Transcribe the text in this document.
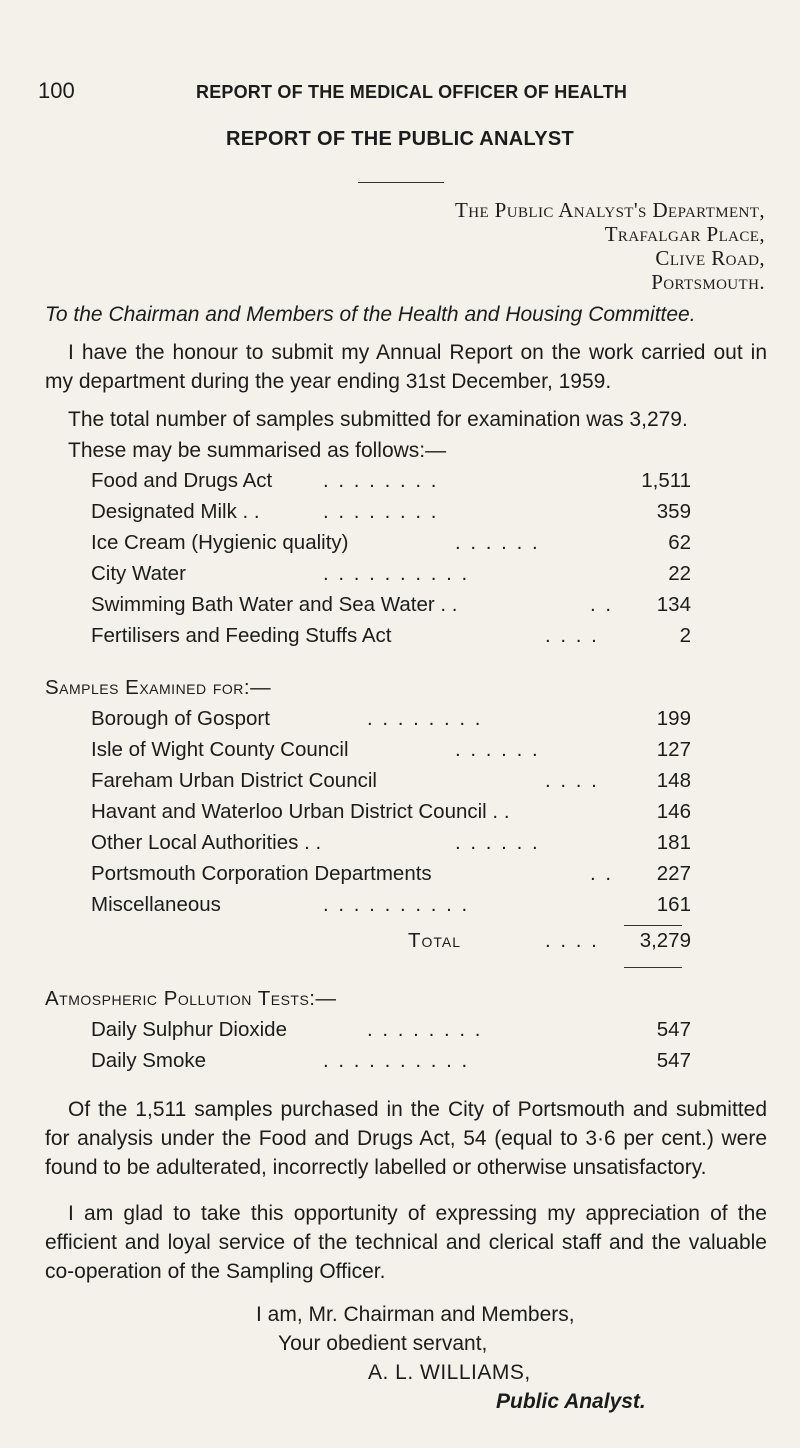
100	REPORT OF THE MEDICAL OFFICER OF HEALTH
REPORT OF THE PUBLIC ANALYST
The Public Analyst's Department,
Trafalgar Place,
Clive Road,
Portsmouth.
To the Chairman and Members of the Health and Housing Committee.
I have the honour to submit my Annual Report on the work carried out in my department during the year ending 31st December, 1959.
The total number of samples submitted for examination was 3,279.
These may be summarised as follows:—
Food and Drugs Act . . . . . . . .	1,511
Designated Milk . .	. . . . . . . .	359
Ice Cream (Hygienic quality)	. . . . . .	62
City Water	. . . . . . . . . .	22
Swimming Bath Water and Sea Water . .	. . 134
Fertilisers and Feeding Stuffs Act	. . . .	2
Samples Examined for:—
Borough of Gosport	. . . . . . . .	199
Isle of Wight County Council	. . . . . .	127
Fareham Urban District Council	. . . .	148
Havant and Waterloo Urban District Council . .	146
Other Local Authorities . .	. . . . . .	181
Portsmouth Corporation Departments	. . 227
Miscellaneous	. . . . . . . . . .	161
Total	. . . . 3,279
Atmospheric Pollution Tests:—
Daily Sulphur Dioxide	. . . . . . . .	547
Daily Smoke	. . . . . . . . . .	547
Of the 1,511 samples purchased in the City of Portsmouth and submitted for analysis under the Food and Drugs Act, 54 (equal to 3·6 per cent.) were found to be adulterated, incorrectly labelled or otherwise unsatisfactory.
I am glad to take this opportunity of expressing my appreciation of the efficient and loyal service of the technical and clerical staff and the valuable co-operation of the Sampling Officer.
I am, Mr. Chairman and Members,
Your obedient servant,
A. L. WILLIAMS,
Public Analyst.
